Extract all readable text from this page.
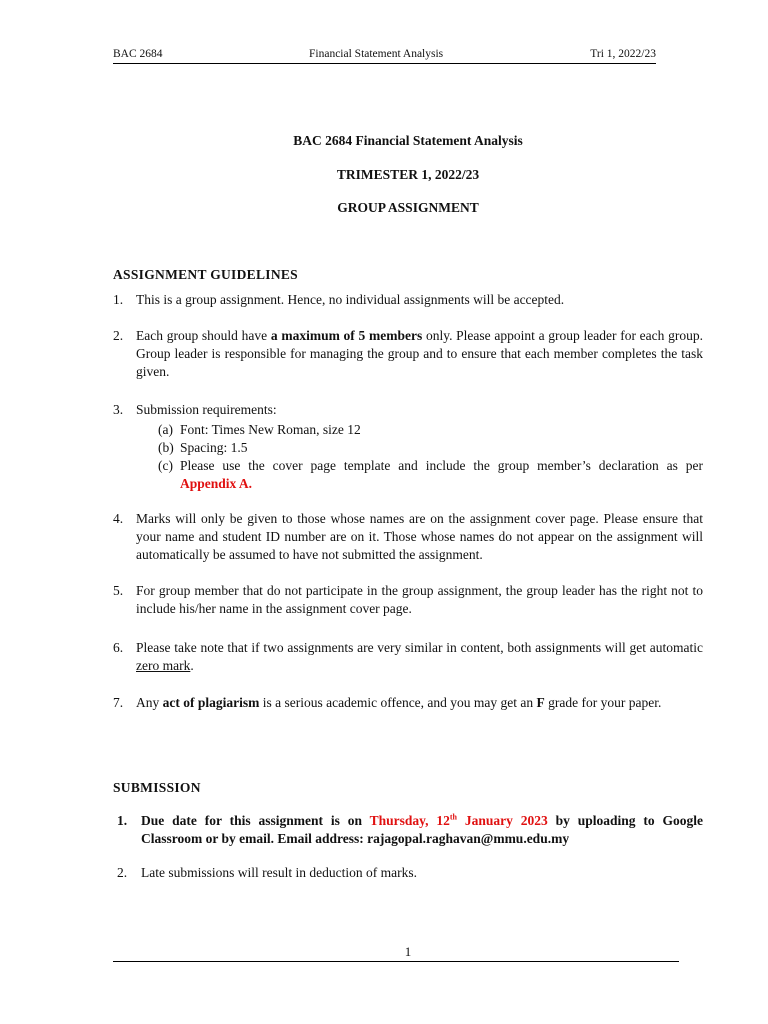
BAC 2684	Financial Statement Analysis	Tri 1, 2022/23
BAC 2684 Financial Statement Analysis
TRIMESTER 1, 2022/23
GROUP ASSIGNMENT
ASSIGNMENT GUIDELINES
1. This is a group assignment. Hence, no individual assignments will be accepted.
2. Each group should have a maximum of 5 members only. Please appoint a group leader for each group. Group leader is responsible for managing the group and to ensure that each member completes the task given.
3. Submission requirements:
(a) Font: Times New Roman, size 12
(b) Spacing: 1.5
(c) Please use the cover page template and include the group member’s declaration as per Appendix A.
4. Marks will only be given to those whose names are on the assignment cover page. Please ensure that your name and student ID number are on it. Those whose names do not appear on the assignment will automatically be assumed to have not submitted the assignment.
5. For group member that do not participate in the group assignment, the group leader has the right not to include his/her name in the assignment cover page.
6. Please take note that if two assignments are very similar in content, both assignments will get automatic zero mark.
7. Any act of plagiarism is a serious academic offence, and you may get an F grade for your paper.
SUBMISSION
1. Due date for this assignment is on Thursday, 12th January 2023 by uploading to Google Classroom or by email. Email address: rajagopal.raghavan@mmu.edu.my
2. Late submissions will result in deduction of marks.
1
